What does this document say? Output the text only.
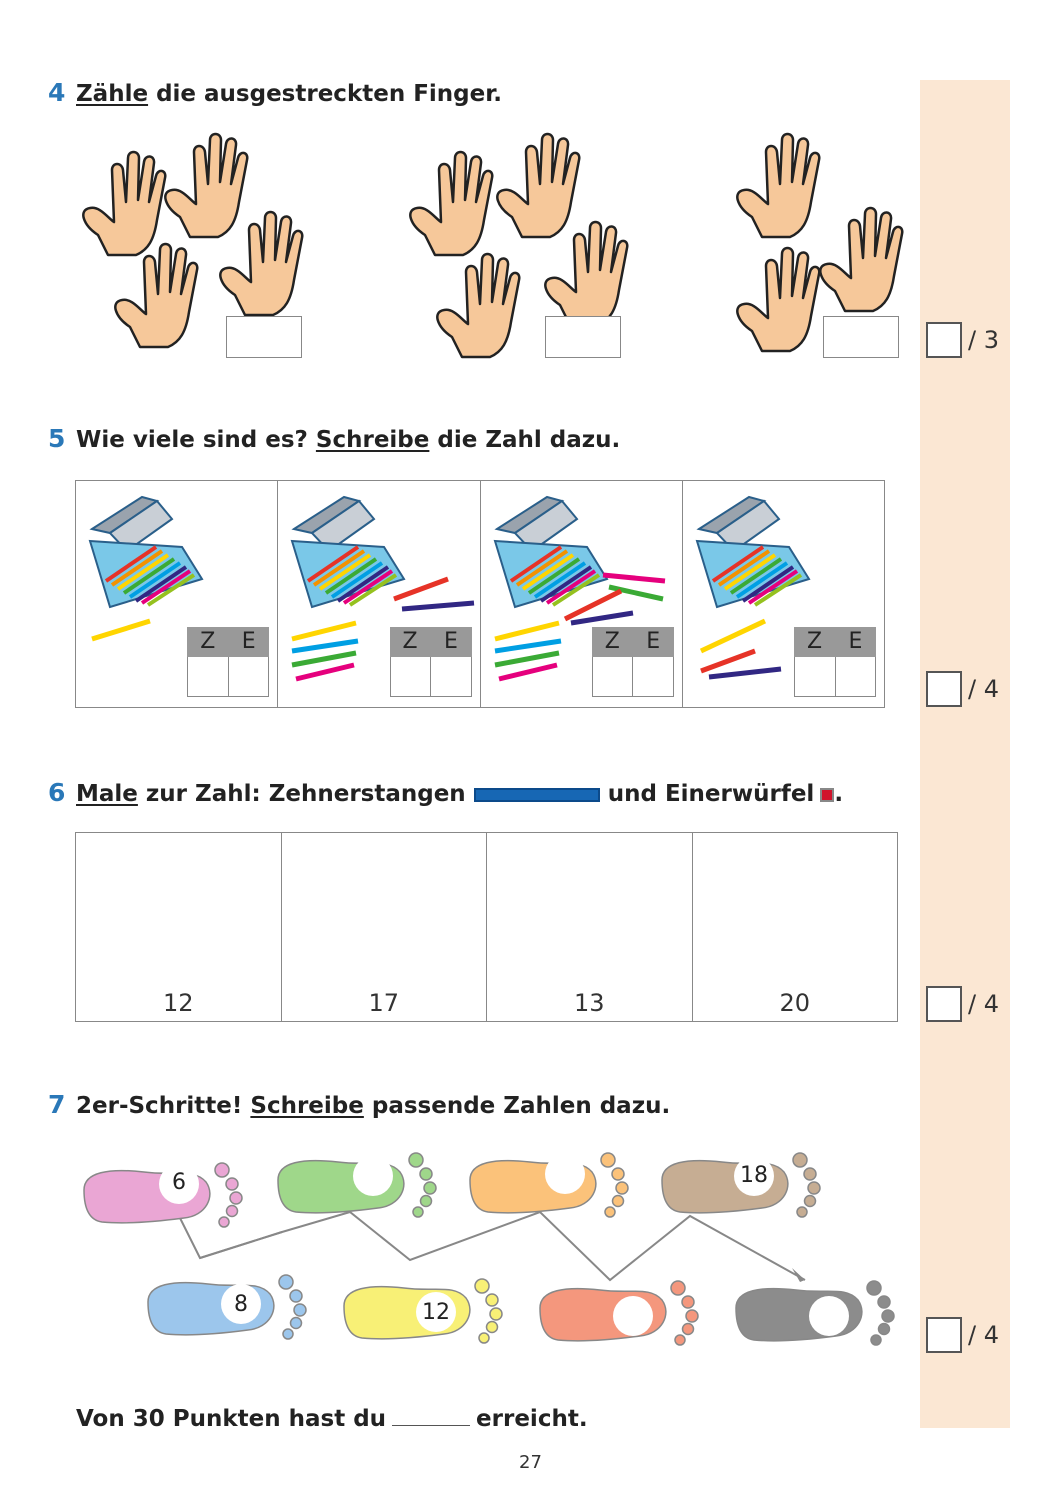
4 Zähle die ausgestreckten Finger.
/ 3
5 Wie viele sind es? Schreibe die Zahl dazu.
Z	E	Z	E	Z	E	Z	E
/ 4
6 Male zur Zahl: Zehnerstangen	und Einerwürfel .
12	17	13	20	/ 4
7 2er-Schritte! Schreibe passende Zahlen dazu.
6
8	12
18
/ 4
Von 30 Punkten hast du	erreicht.
27
